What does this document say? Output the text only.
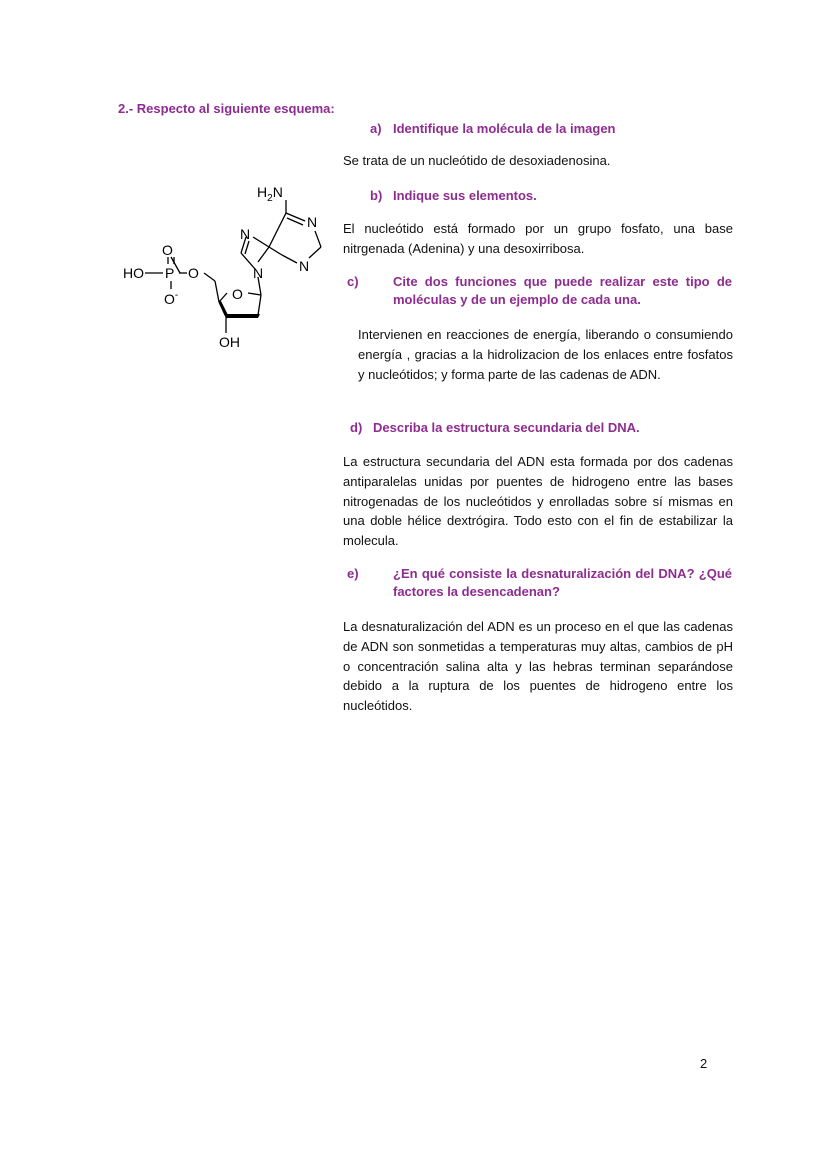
2.- Respecto al siguiente esquema:

$H_2N$
N
N
N
N
O
HO P O
O-	O
OH
a) Identifique la molécula de la imagen

Se trata de un nucleótido de desoxiadenosina.

b) Indique sus elementos.

El nucleótido está formado por un grupo fosfato, una base nitrgenada (Adenina) y una desoxirribosa.

c)	Cite dos funciones que puede realizar este tipo de moléculas y de un ejemplo de cada una.

Intervienen en reacciones de energía, liberando o consumiendo energía , gracias a la hidrolizacion de los enlaces entre fosfatos y nucleótidos; y forma parte de las cadenas de ADN.

d) Describa la estructura secundaria del DNA.

La estructura secundaria del ADN esta formada por dos cadenas antiparalelas unidas por puentes de hidrogeno entre las bases nitrogenadas de los nucleótidos y enrolladas sobre sí mismas en una doble hélice dextrógira. Todo esto con el fin de estabilizar la molecula.

e)	¿En qué consiste la desnaturalización del DNA? ¿Qué factores la desencadenan?

La desnaturalización del ADN es un proceso en el que las cadenas de ADN son sonmetidas a temperaturas muy altas, cambios de pH o concentración salina alta y las hebras terminan separándose debido a la ruptura de los puentes de hidrogeno entre los nucleótidos.

2
